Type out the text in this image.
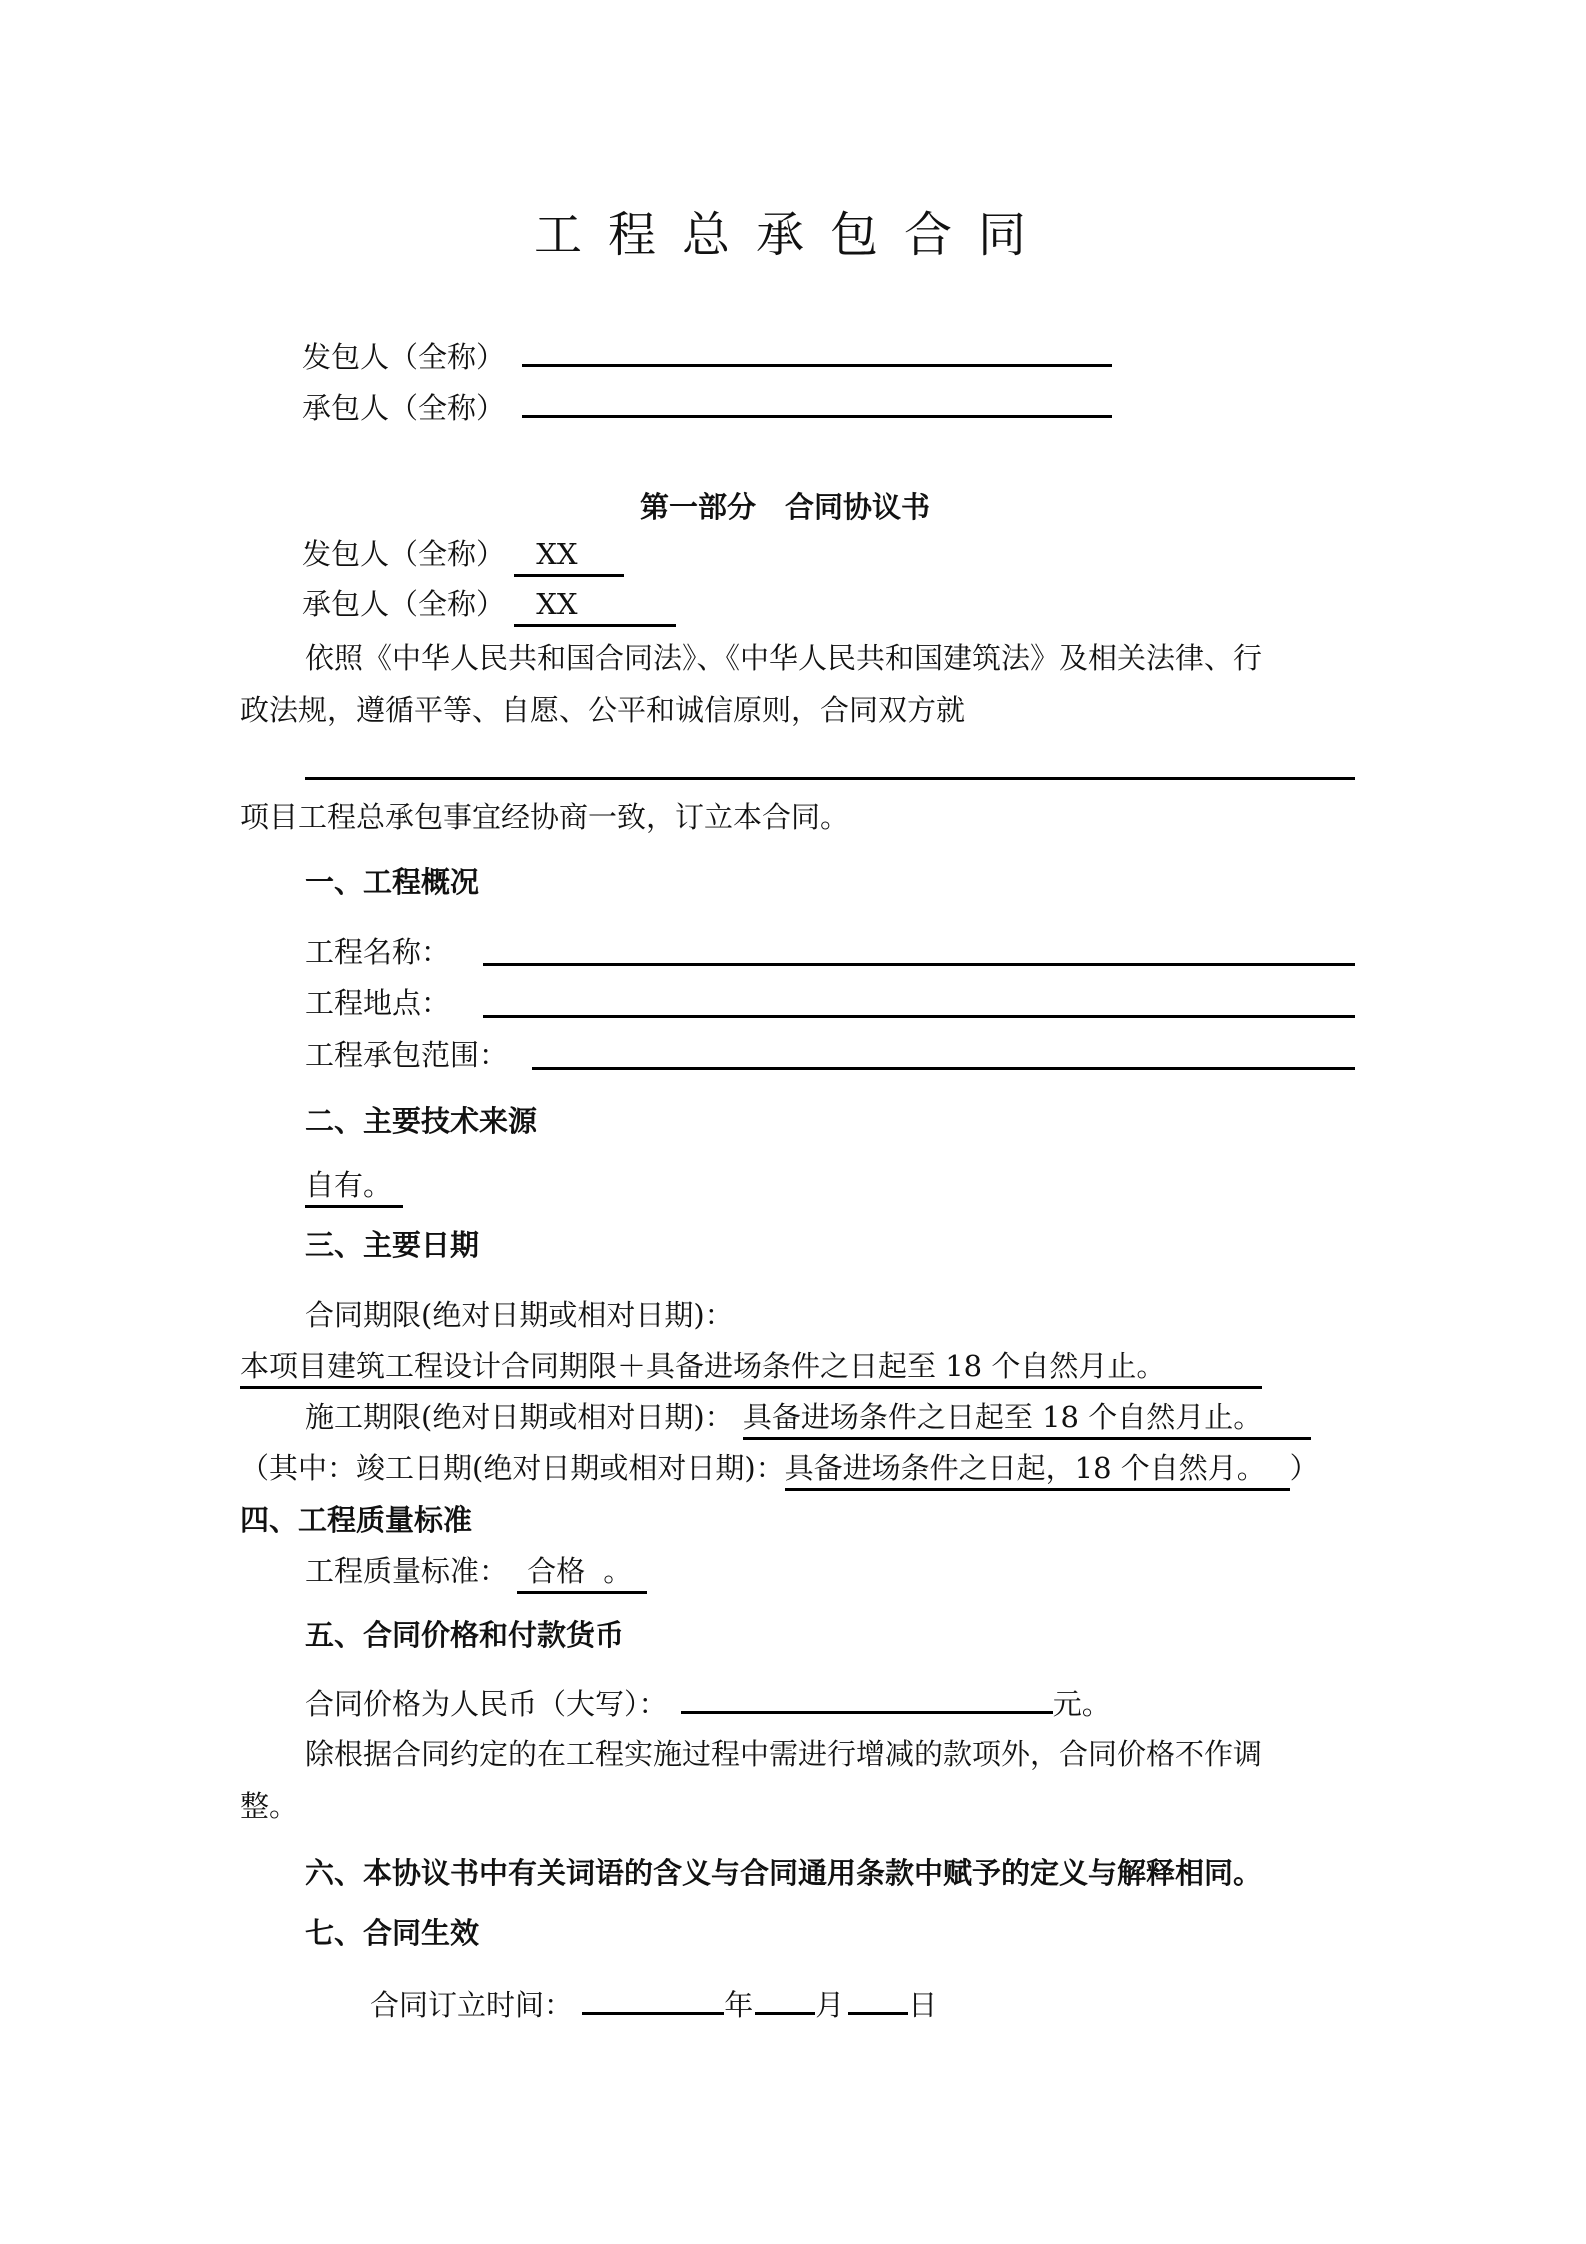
工程总承包合同
发包人（全称）
承包人（全称）
第一部分　合同协议书
发包人（全称） XX
承包人（全称） XX
依照《中华人民共和国合同法》、《中华人民共和国建筑法》及相关法律、行
政法规，遵循平等、自愿、公平和诚信原则，合同双方就
项目工程总承包事宜经协商一致，订立本合同。
一、工程概况
工程名称：
工程地点：
工程承包范围：
二、主要技术来源
自有。
三、主要日期
合同期限(绝对日期或相对日期)：
本项目建筑工程设计合同期限＋具备进场条件之日起至 18 个自然月止。
施工期限(绝对日期或相对日期)： 具备进场条件之日起至 18 个自然月止。
（其中：竣工日期(绝对日期或相对日期)：具备进场条件之日起，18 个自然月。 ）
四、工程质量标准
工程质量标准： 合格 。
五、合同价格和付款货币
合同价格为人民币（大写）：	元。
除根据合同约定的在工程实施过程中需进行增减的款项外，合同价格不作调
整。
六、本协议书中有关词语的含义与合同通用条款中赋予的定义与解释相同。
七、合同生效
合同订立时间：	年 月 日
